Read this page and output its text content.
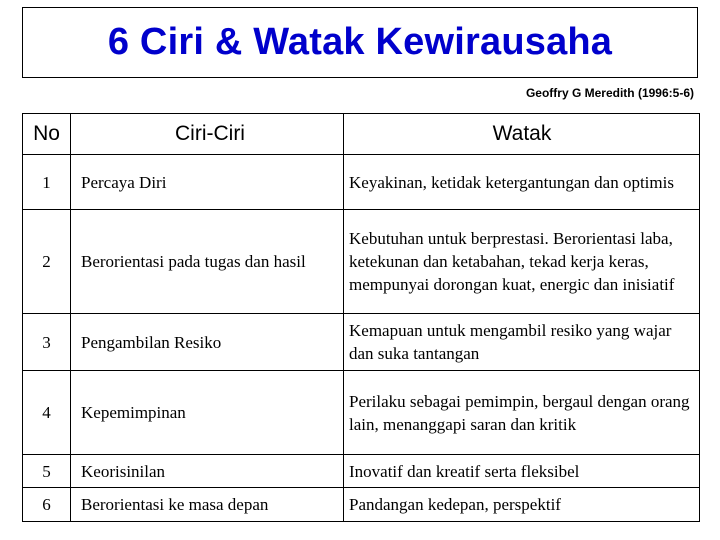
6 Ciri & Watak Kewirausaha
Geoffry G Meredith (1996:5-6)
No	Ciri-Ciri	Watak
1	Percaya Diri	Keyakinan, ketidak ketergantungan dan optimis
2	Berorientasi pada tugas dan hasil	Kebutuhan untuk berprestasi. Berorientasi laba, ketekunan dan ketabahan, tekad kerja keras, mempunyai dorongan kuat, energic dan inisiatif
3	Pengambilan Resiko	Kemapuan untuk mengambil resiko yang wajar dan suka tantangan
4	Kepemimpinan	Perilaku sebagai pemimpin, bergaul dengan orang lain, menanggapi saran dan kritik
5	Keorisinilan	Inovatif dan kreatif serta fleksibel
6	Berorientasi ke masa depan	Pandangan kedepan, perspektif
